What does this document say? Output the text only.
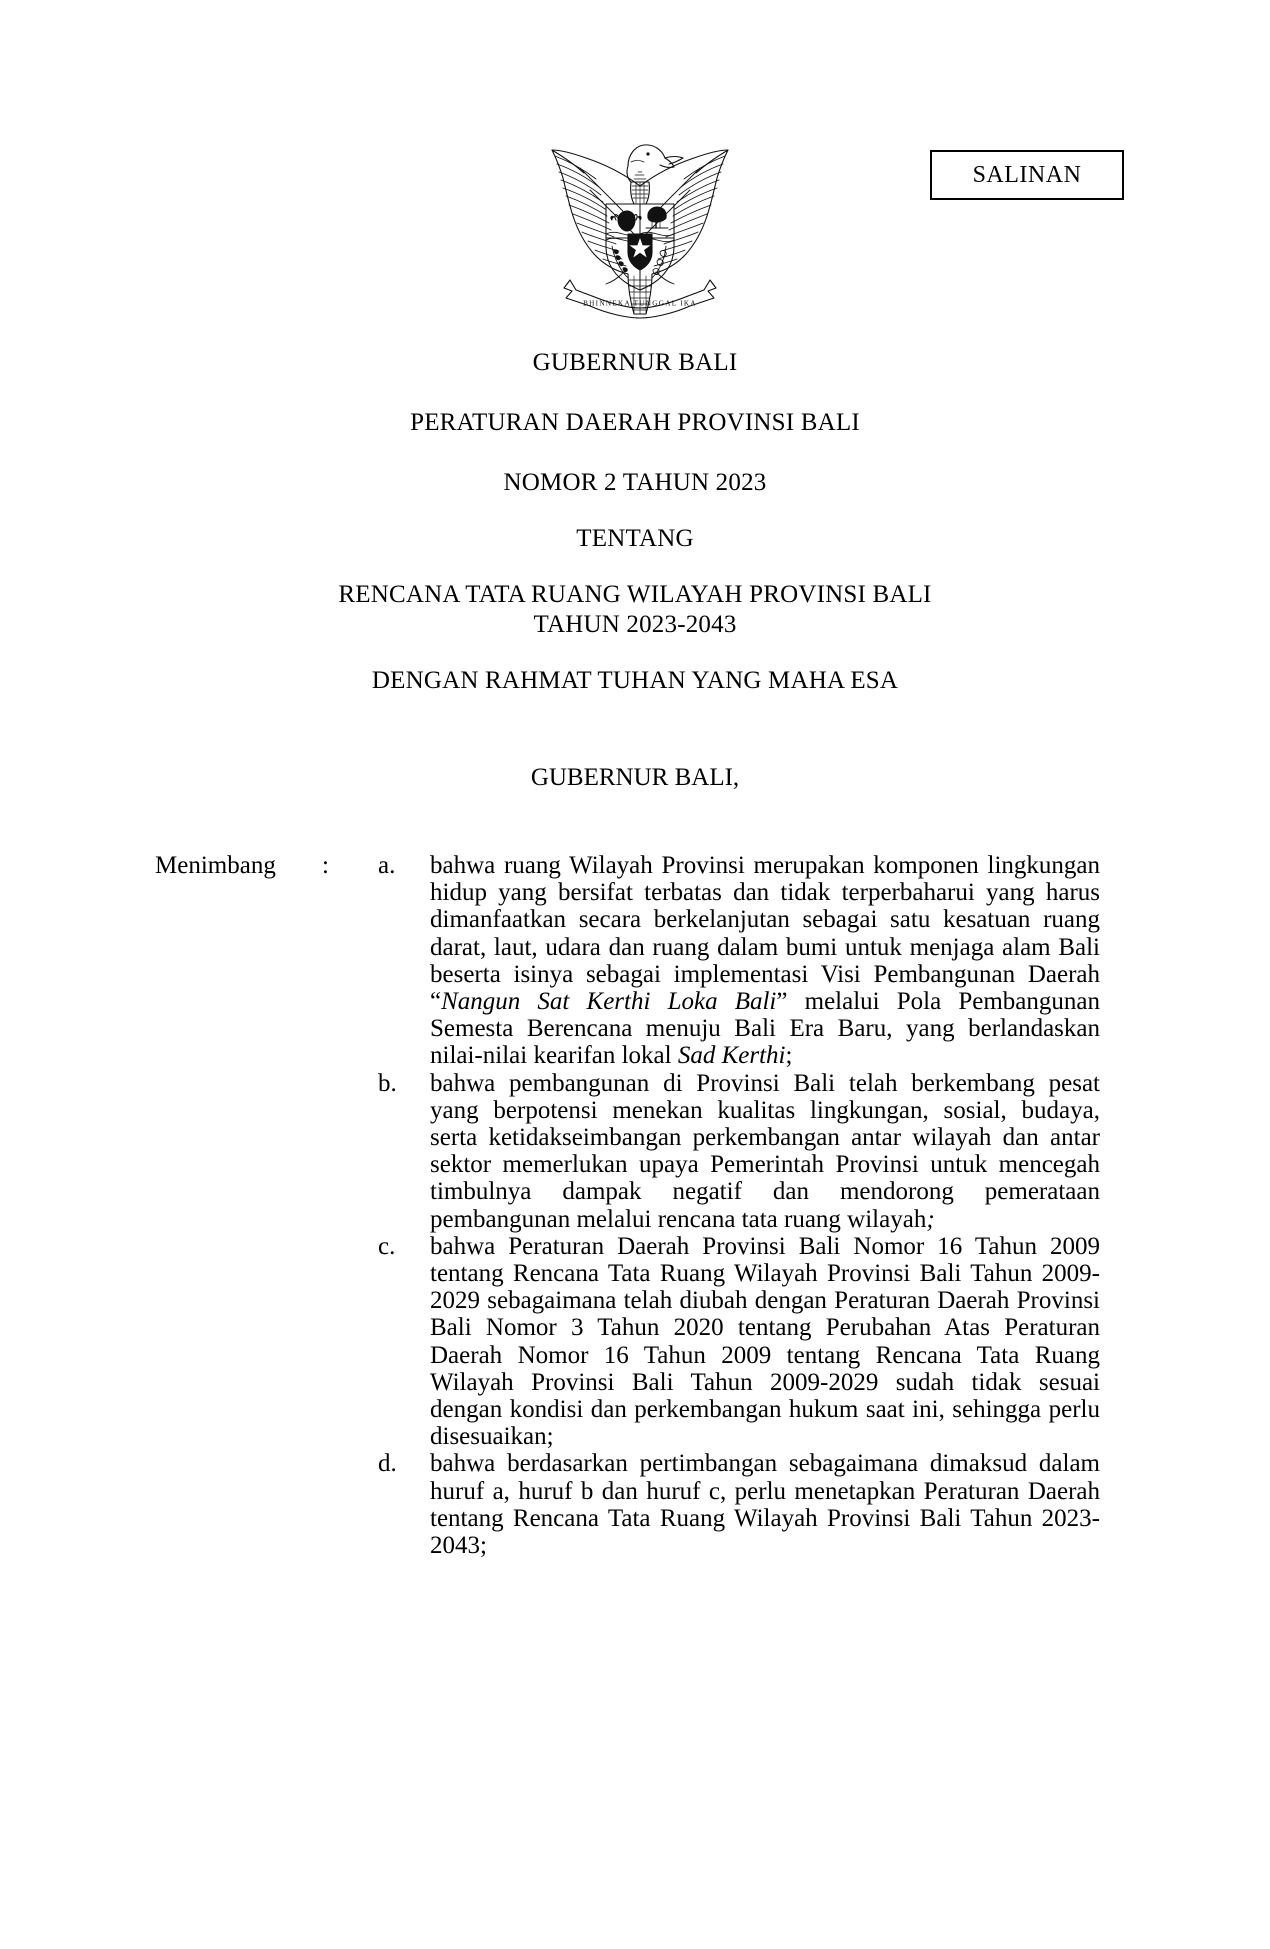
SALINAN
BHINNEKA TUNGGAL IKA
GUBERNUR BALI
PERATURAN DAERAH PROVINSI BALI
NOMOR 2 TAHUN 2023
TENTANG
RENCANA TATA RUANG WILAYAH PROVINSI BALI
TAHUN 2023-2043
DENGAN RAHMAT TUHAN YANG MAHA ESA
GUBERNUR BALI,
Menimbang : a.	bahwa ruang Wilayah Provinsi merupakan komponen lingkungan hidup yang bersifat terbatas dan tidak terperbaharui yang harus dimanfaatkan secara berkelanjutan sebagai satu kesatuan ruang darat, laut, udara dan ruang dalam bumi untuk menjaga alam Bali beserta isinya sebagai implementasi Visi Pembangunan Daerah “Nangun Sat Kerthi Loka Bali” melalui Pola Pembangunan Semesta Berencana menuju Bali Era Baru, yang berlandaskan nilai-nilai kearifan lokal Sad Kerthi;
b.	bahwa pembangunan di Provinsi Bali telah berkembang pesat yang berpotensi menekan kualitas lingkungan, sosial, budaya, serta ketidakseimbangan perkembangan antar wilayah dan antar sektor memerlukan upaya Pemerintah Provinsi untuk mencegah timbulnya dampak negatif dan mendorong pemerataan pembangunan melalui rencana tata ruang wilayah;
c.	bahwa Peraturan Daerah Provinsi Bali Nomor 16 Tahun 2009 tentang Rencana Tata Ruang Wilayah Provinsi Bali Tahun 2009-2029 sebagaimana telah diubah dengan Peraturan Daerah Provinsi Bali Nomor 3 Tahun 2020 tentang Perubahan Atas Peraturan Daerah Nomor 16 Tahun 2009 tentang Rencana Tata Ruang Wilayah Provinsi Bali Tahun 2009-2029 sudah tidak sesuai dengan kondisi dan perkembangan hukum saat ini, sehingga perlu disesuaikan;
d.	bahwa berdasarkan pertimbangan sebagaimana dimaksud dalam huruf a, huruf b dan huruf c, perlu menetapkan Peraturan Daerah tentang Rencana Tata Ruang Wilayah Provinsi Bali Tahun 2023-2043;
